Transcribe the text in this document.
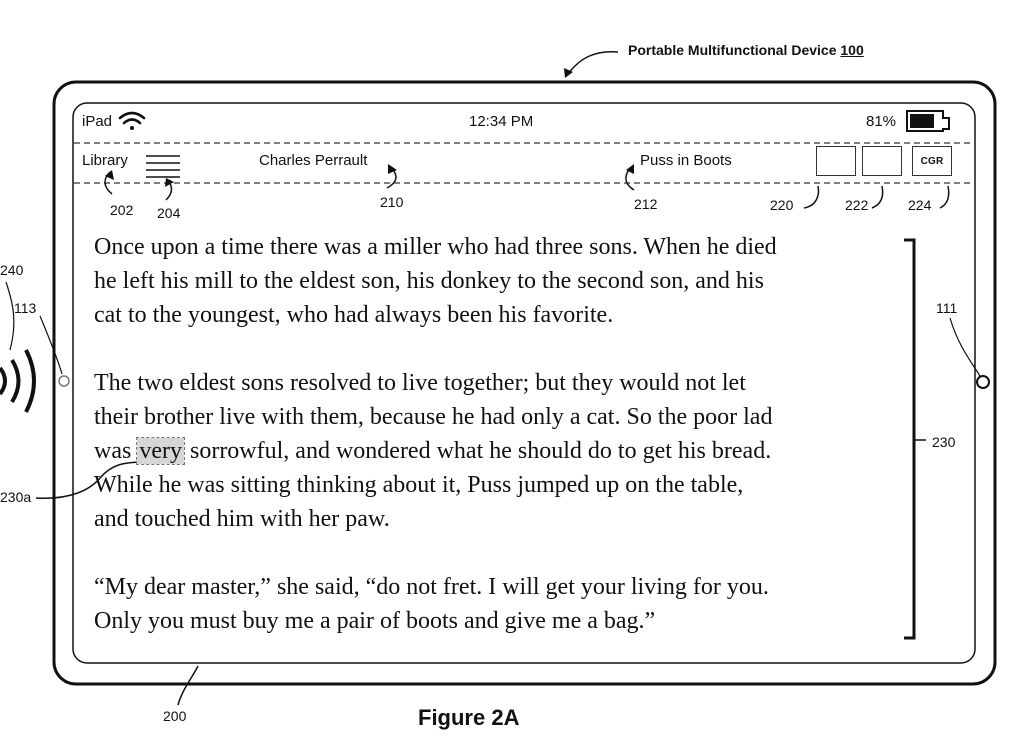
Portable Multifunctional Device 100
iPad	12:34 PM	81%
Library	Charles Perrault	Puss in Boots	CGR
202 204
210	212	220	222	224
230
230a
240
113	111
200

Once upon a time there was a miller who had three sons. When he died

he left his mill to the eldest son, his donkey to the second son, and his

cat to the youngest, who had always been his favorite.

The two eldest sons resolved to live together; but they would not let

their brother live with them, because he had only a cat. So the poor lad

was very sorrowful, and wondered what he should do to get his bread.

While he was sitting thinking about it, Puss jumped up on the table,

and touched him with her paw.

“My dear master,” she said, “do not fret. I will get your living for you.

Only you must buy me a pair of boots and give me a bag.”

Figure 2A
